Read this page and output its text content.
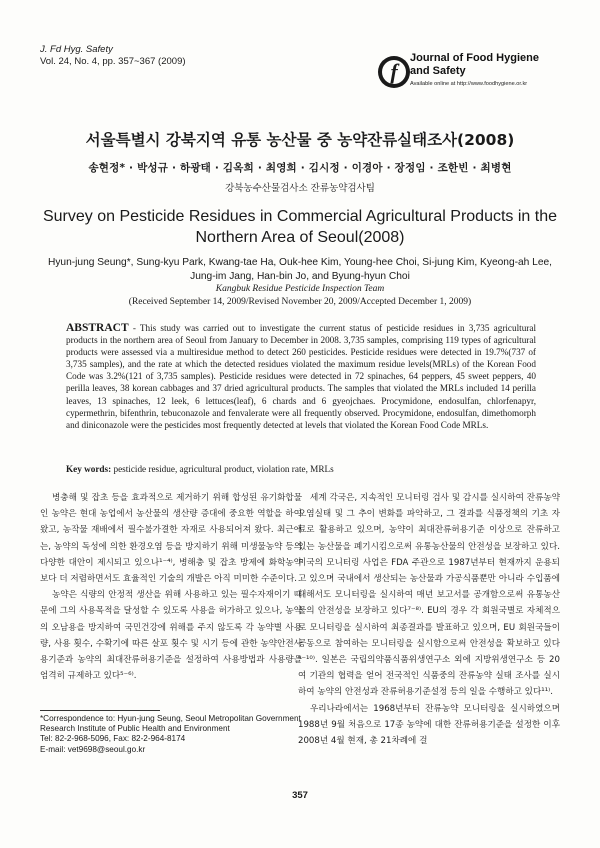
J. Fd Hyg. Safety
Vol. 24, No. 4, pp. 357~367 (2009)	f
Journal of Food Hygiene
and Safety
Available online at http://www.foodhygiene.or.kr
서울특별시 강북지역 유통 농산물 중 농약잔류실태조사(2008)
송현정* · 박성규 · 하광태 · 김옥희 · 최영희 · 김시정 · 이경아 · 장정임 · 조한빈 · 최병현
강북농수산물검사소 잔류농약검사팀
Survey on Pesticide Residues in Commercial Agricultural Products in the
Northern Area of Seoul(2008)
Hyun-jung Seung*, Sung-kyu Park, Kwang-tae Ha, Ouk-hee Kim, Young-hee Choi, Si-jung Kim, Kyeong-ah Lee,
Jung-im Jang, Han-bin Jo, and Byung-hyun Choi
Kangbuk Residue Pesticide Inspection Team
(Received September 14, 2009/Revised November 20, 2009/Accepted December 1, 2009)
ABSTRACT - This study was carried out to investigate the current status of pesticide residues in 3,735 agricultural products in the northern area of Seoul from January to December in 2008. 3,735 samples, comprising 119 types of agricultural products were assessed via a multiresidue method to detect 260 pesticides. Pesticide residues were detected in 19.7%(737 of 3,735 samples), and the rate at which the detected residues violated the maximum residue levels(MRLs) of the Korean Food Code was 3.2%(121 of 3,735 samples). Pesticide residues were detected in 72 spinaches, 64 peppers, 45 sweet peppers, 40 perilla leaves, 38 korean cabbages and 37 dried agricultural products. The samples that violated the MRLs included 14 perilla leaves, 13 spinaches, 12 leek, 6 lettuces(leaf), 6 chards and 6 gyeojchaes. Procymidone, endosulfan, chlorfenapyr, cypermethrin, bifenthrin, tebuconazole and fenvalerate were all frequently observed. Procymidone, endosulfan, dimethomorph and diniconazole were the pesticides most frequently detected at levels that violated the Korean Food Code MRLs.
Key words: pesticide residue, agricultural product, violation rate, MRLs

병충해 및 잡초 등을 효과적으로 제거하기 위해 합성된 유기화합물인 농약은 현대 농업에서 농산물의 생산량 증대에 중요한 역할을 하여 왔고, 농작물 재배에서 필수불가결한 자재로 사용되어져 왔다. 최근에는, 농약의 독성에 의한 환경오염 등을 방지하기 위해 미생물농약 등의 다양한 대안이 제시되고 있으나¹⁻⁴⁾, 병해충 및 잡초 방제에 화학농약보다 더 저렴하면서도 효율적인 기술의 개발은 아직 미미한 수준이다.

농약은 식량의 안정적 생산을 위해 사용하고 있는 필수자재이기 때문에 그의 사용목적을 달성할 수 있도록 사용을 허가하고 있으나, 농약의 오남용을 방지하여 국민건강에 위해를 주지 않도록 각 농약별 사용량, 사용 횟수, 수확기에 따른 살포 횟수 및 시기 등에 관한 농약안전사용기준과 농약의 최대잔류허용기준을 설정하여 사용방법과 사용량을 엄격히 규제하고 있다⁵⁻⁶⁾.

세계 각국은, 지속적인 모니터링 검사 및 감시를 실시하여 잔류농약 오염실태 및 그 추이 변화를 파악하고, 그 결과를 식품정책의 기초 자료로 활용하고 있으며, 농약이 최대잔류허용기준 이상으로 잔류하고 있는 농산물을 폐기시킴으로써 유통농산물의 안전성을 보장하고 있다. 미국의 모니터링 사업은 FDA 주관으로 1987년부터 현재까지 운용되고 있으며 국내에서 생산되는 농산물과 가공식품뿐만 아니라 수입품에 대해서도 모니터링을 실시하여 매년 보고서를 공개함으로써 유통농산물의 안전성을 보장하고 있다⁷⁻⁸⁾. EU의 경우 각 회원국별로 자체적으로 모니터링을 실시하여 최종결과를 발표하고 있으며, EU 회원국들이 공동으로 참여하는 모니터링을 실시함으로써 안전성을 확보하고 있다⁹⁻¹⁰⁾. 일본은 국립의약품식품위생연구소 외에 지방위생연구소 등 20여 기관의 협력을 얻어 전국적인 식품중의 잔류농약 실태 조사를 실시하여 농약의 안전성과 잔류허용기준설정 등의 일을 수행하고 있다¹¹⁾.

우리나라에서는 1968년부터 잔류농약 모니터링을 실시하였으며 1988년 9월 처음으로 17종 농약에 대한 잔류허용기준을 설정한 이후 2008년 4월 현재, 총 21차례에 걸

*Correspondence to: Hyun-jung Seung, Seoul Metropolitan Government Research Institute of Public Health and Environment
Tel: 82-2-968-5096, Fax: 82-2-964-8174
E-mail: vet9698@seoul.go.kr
357
